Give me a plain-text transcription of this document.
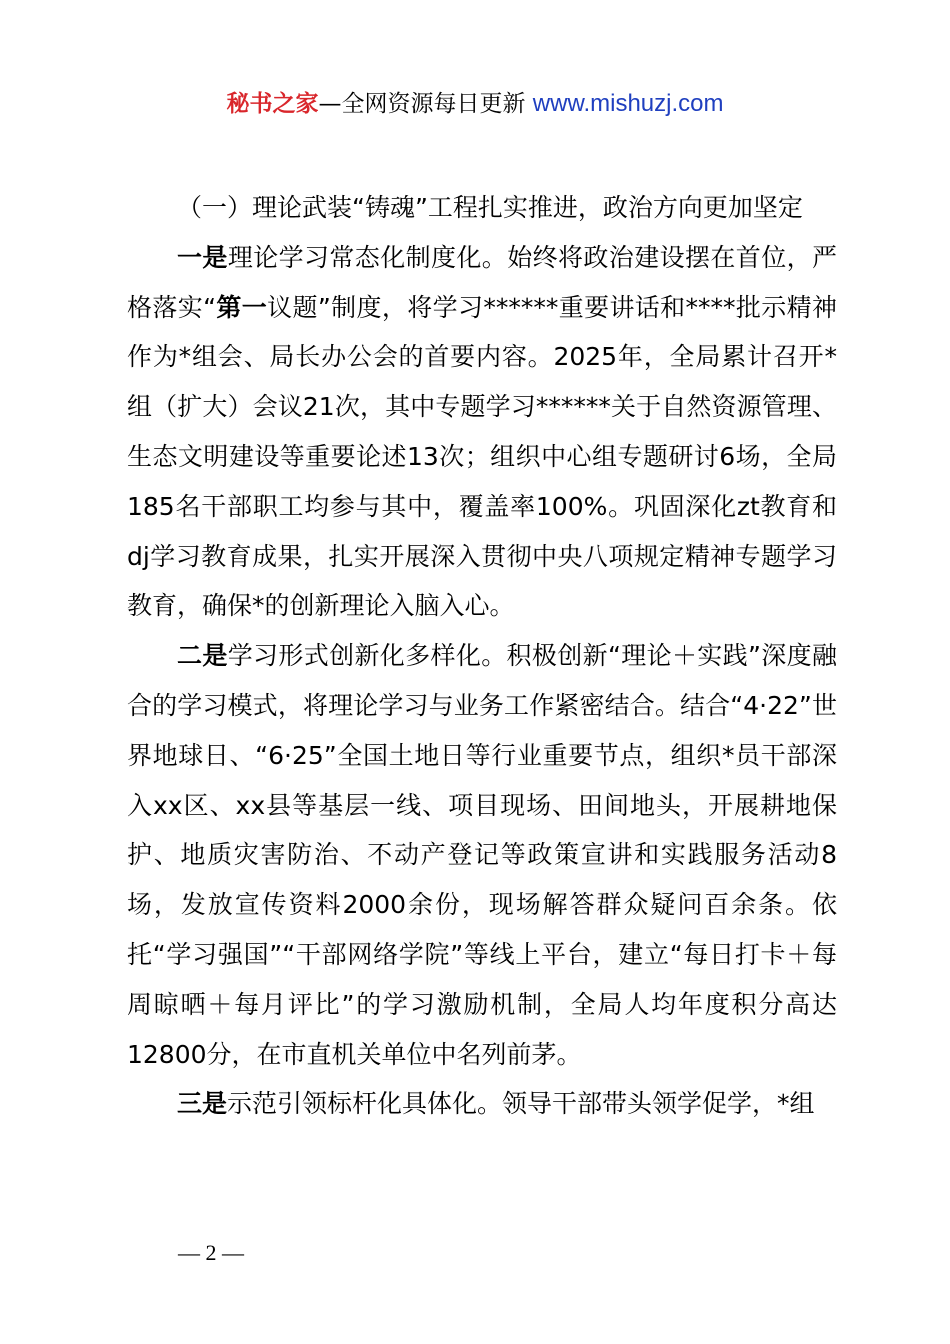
秘书之家—全网资源每日更新 www.mishuzj.com

（一）理论武装“铸魂”工程扎实推进，政治方向更加坚定

一是理论学习常态化制度化。始终将政治建设摆在首位，严格落实“第一议题”制度，将学习******重要讲话和****批示精神作为*组会、局长办公会的首要内容。2025年，全局累计召开*组（扩大）会议21次，其中专题学习******关于自然资源管理、生态文明建设等重要论述13次；组织中心组专题研讨6场，全局185名干部职工均参与其中，覆盖率100%。巩固深化zt教育和dj学习教育成果，扎实开展深入贯彻中央八项规定精神专题学习教育，确保*的创新理论入脑入心。

二是学习形式创新化多样化。积极创新“理论＋实践”深度融合的学习模式，将理论学习与业务工作紧密结合。结合“4·22”世界地球日、“6·25”全国土地日等行业重要节点，组织*员干部深入xx区、xx县等基层一线、项目现场、田间地头，开展耕地保护、地质灾害防治、不动产登记等政策宣讲和实践服务活动8场，发放宣传资料2000余份，现场解答群众疑问百余条。依托“学习强国”“干部网络学院”等线上平台，建立“每日打卡＋每周晾晒＋每月评比”的学习激励机制，全局人均年度积分高达12800分，在市直机关单位中名列前茅。

三是示范引领标杆化具体化。领导干部带头领学促学，*组

— 2 —
